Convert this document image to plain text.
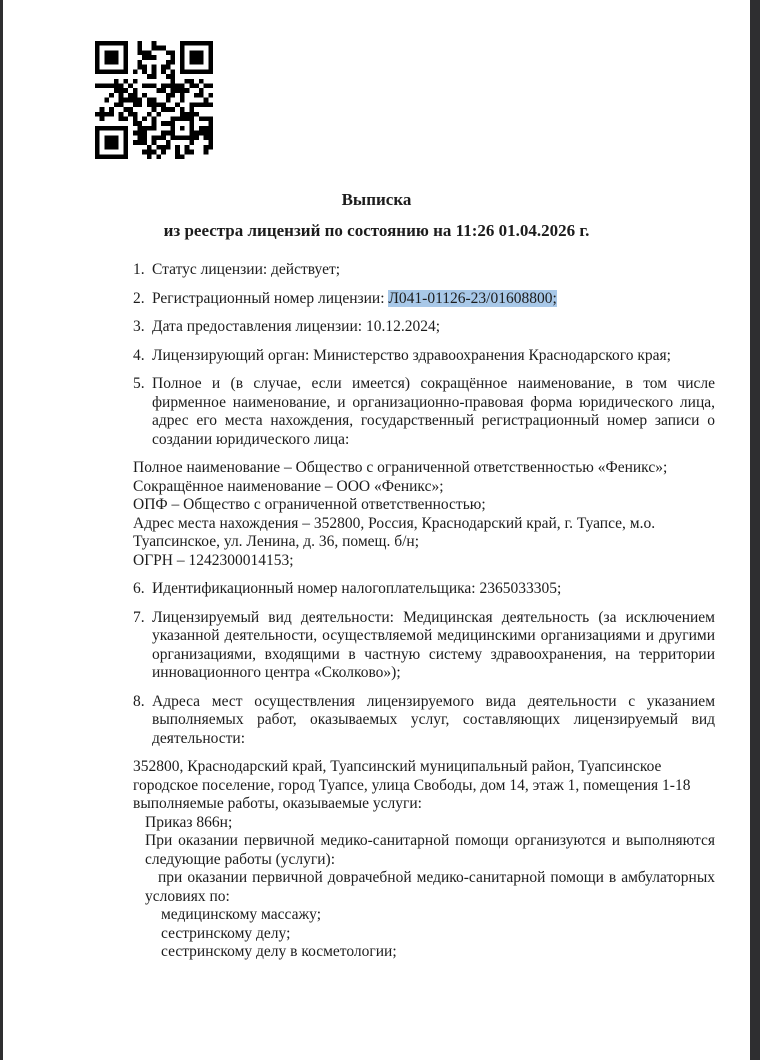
Выписка
из реестра лицензий по состоянию на 11:26 01.04.2026 г.
1. Статус лицензии: действует;
2. Регистрационный номер лицензии: Л041-01126-23/01608800;
3. Дата предоставления лицензии: 10.12.2024;
4. Лицензирующий орган: Министерство здравоохранения Краснодарского края;
5. Полное и (в случае, если имеется) сокращённое наименование, в том числе фирменное наименование, и организационно-правовая форма юридического лица, адрес его места нахождения, государственный регистрационный номер записи о создании юридического лица:
Полное наименование – Общество с ограниченной ответственностью «Феникс»;
Сокращённое наименование – ООО «Феникс»;
ОПФ – Общество с ограниченной ответственностью;
Адрес места нахождения – 352800, Россия, Краснодарский край, г. Туапсе, м.о. Туапсинское, ул. Ленина, д. 36, помещ. б/н;
ОГРН – 1242300014153;
6. Идентификационный номер налогоплательщика: 2365033305;
7. Лицензируемый вид деятельности: Медицинская деятельность (за исключением указанной деятельности, осуществляемой медицинскими организациями и другими организациями, входящими в частную систему здравоохранения, на территории инновационного центра «Сколково»);
8. Адреса мест осуществления лицензируемого вида деятельности с указанием выполняемых работ, оказываемых услуг, составляющих лицензируемый вид деятельности:
352800, Краснодарский край, Туапсинский муниципальный район, Туапсинское городское поселение, город Туапсе, улица Свободы, дом 14, этаж 1, помещения 1-18
выполняемые работы, оказываемые услуги:
Приказ 866н;
При оказании первичной медико-санитарной помощи организуются и выполняются следующие работы (услуги):
при оказании первичной доврачебной медико-санитарной помощи в амбулаторных условиях по:
медицинскому массажу;
сестринскому делу;
сестринскому делу в косметологии;
